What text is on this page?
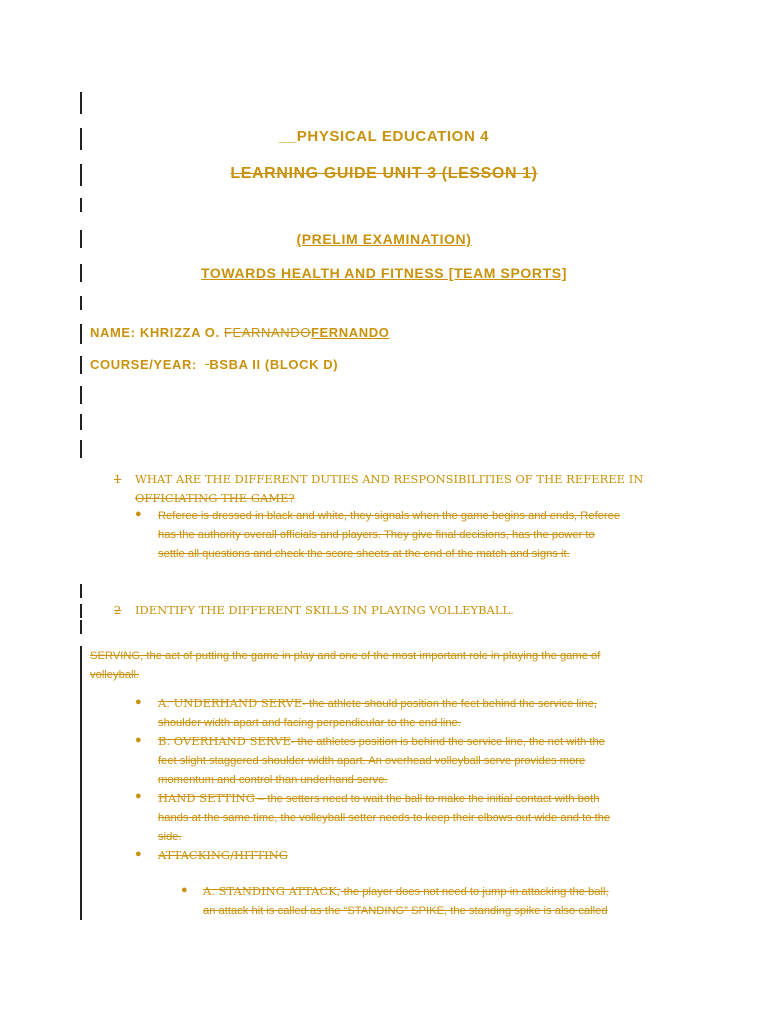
__PHYSICAL EDUCATION 4
LEARNING GUIDE UNIT 3 (LESSON 1)
(PRELIM EXAMINATION)
TOWARDS HEALTH AND FITNESS [TEAM SPORTS]
NAME: KHRIZZA O. FEARNANDOFERNANDO
COURSE/YEAR: BSBA II (BLOCK D)
1 WHAT ARE THE DIFFERENT DUTIES AND RESPONSIBILITIES OF THE REFEREE IN
OFFICIATING THE GAME?
● Referee is dressed in black and white, they signals when the game begins and ends, Referee
has the authority overall officials and players. They give final decisions, has the power to
settle all questions and check the score sheets at the end of the match and signs it.
2 IDENTIFY THE DIFFERENT SKILLS IN PLAYING VOLLEYBALL.
SERVING, the act of putting the game in play and one of the most important role in playing the game of
volleyball.
● A. UNDERHAND SERVE- the athlete should position the feet behind the service line,
shoulder width apart and facing perpendicular to the end line.
● B. OVERHAND SERVE- the athletes position is behind the service line, the net with the
feet slight staggered shoulder width apart. An overhead volleyball serve provides more
momentum and control than underhand serve.
● HAND SETTING – the setters need to wait the ball to make the initial contact with both
hands at the same time, the volleyball setter needs to keep their elbows out wide and to the
side.
● ATTACKING/HITTING
● A. STANDING ATTACK, the player does not need to jump in attacking the ball,
an attack hit is called as the “STANDING” SPIKE, the standing spike is also called
